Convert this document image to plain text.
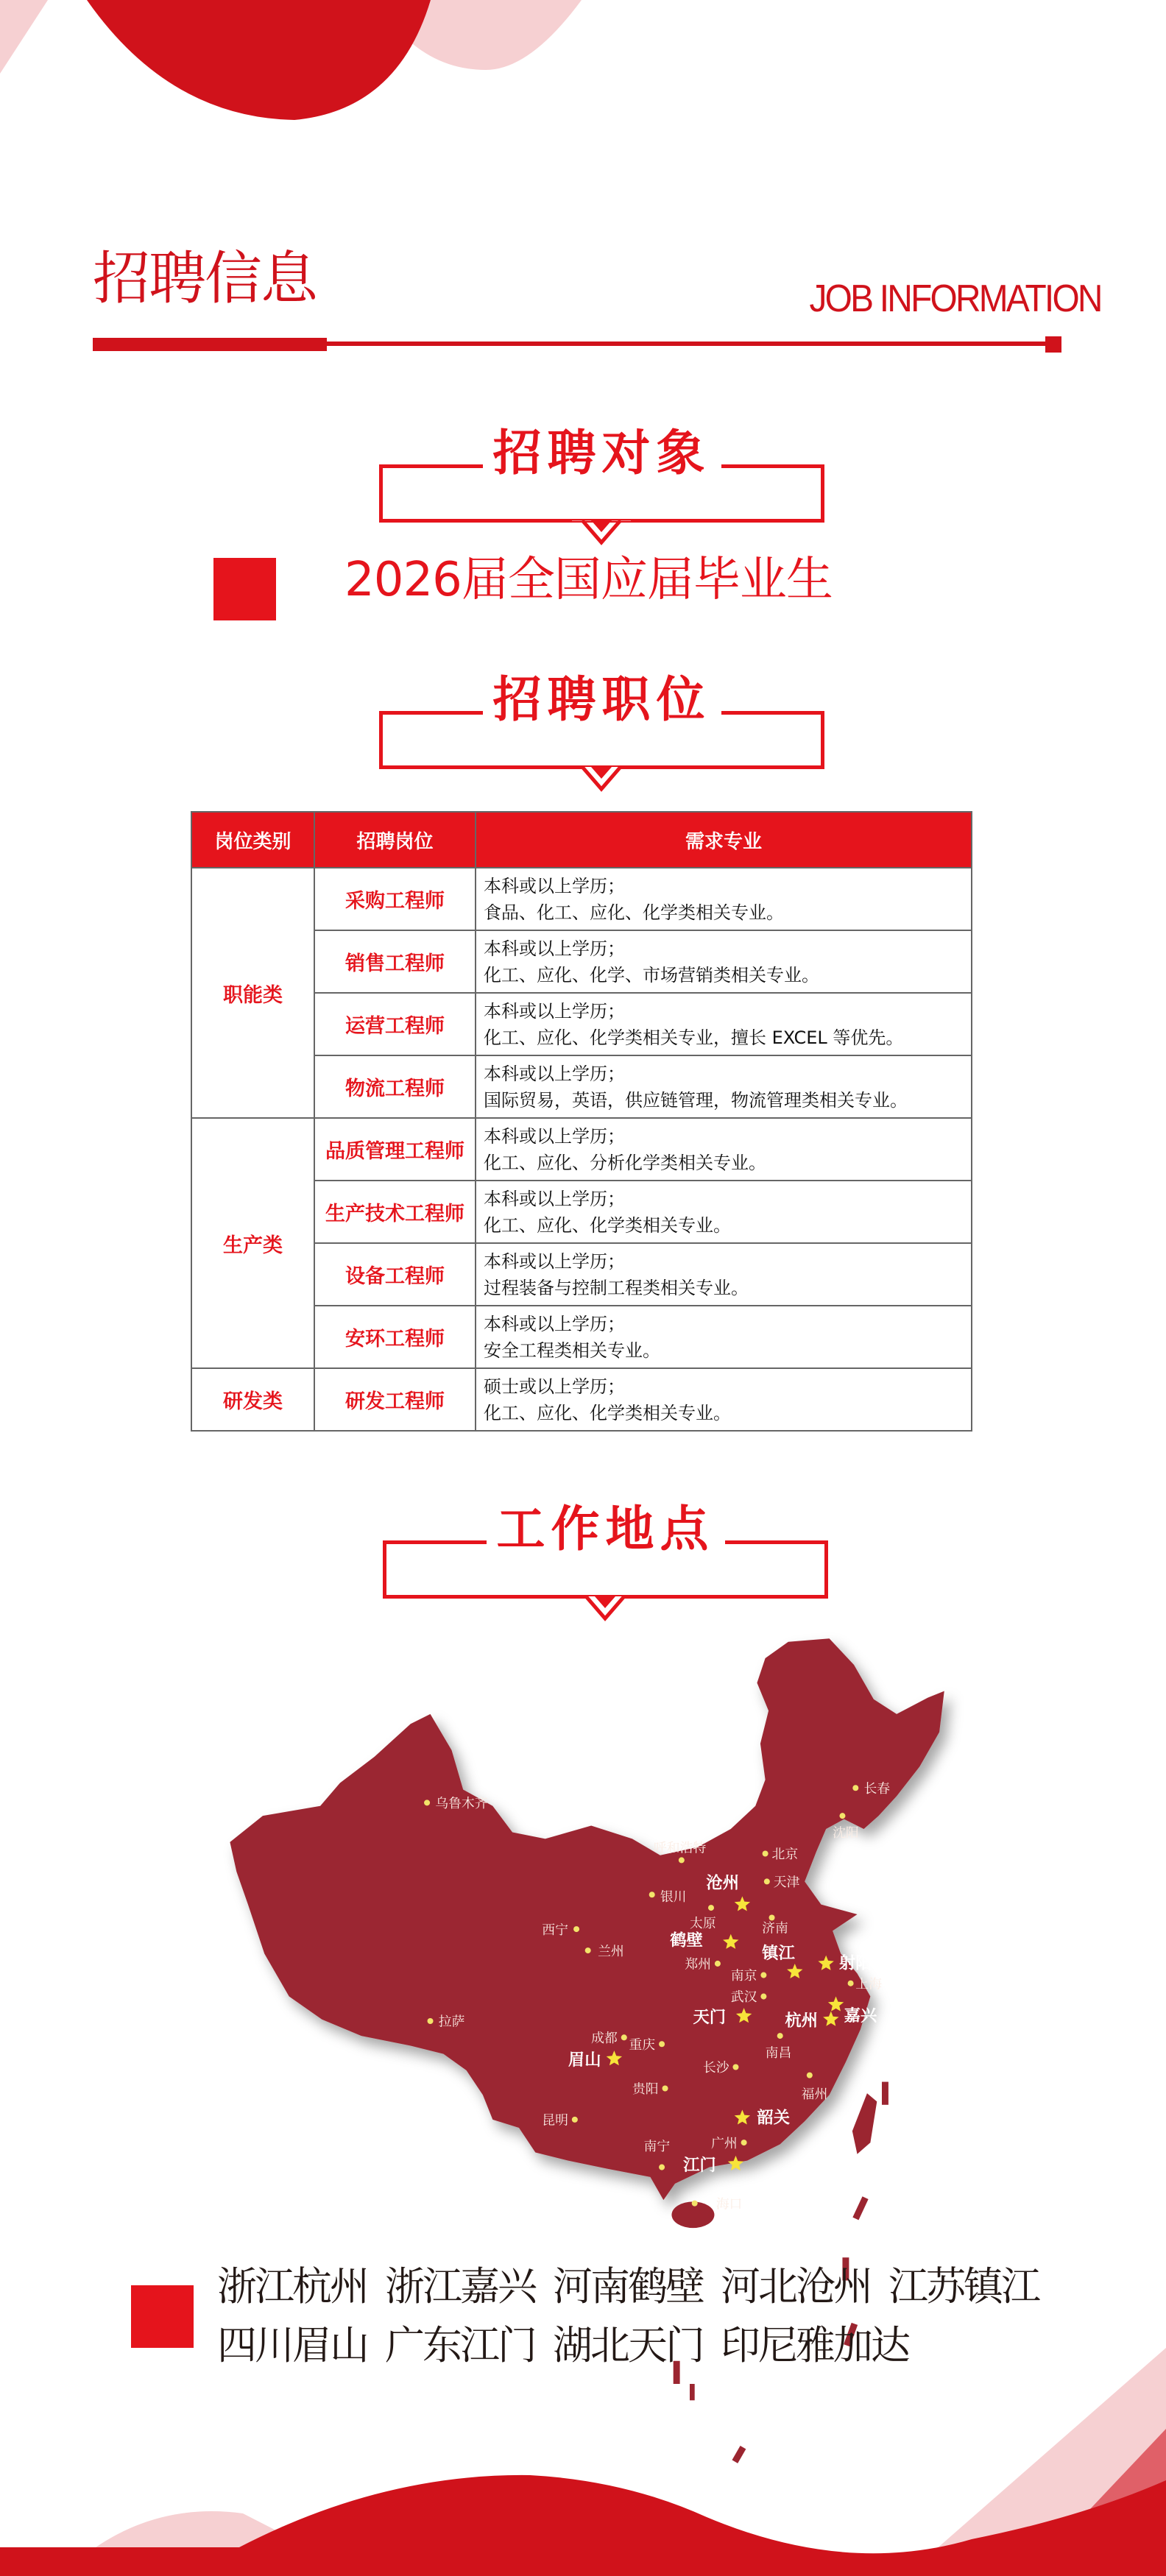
招聘信息	JOB INFORMATION
招聘对象
2026届全国应届毕业生
招聘职位
岗位类别	招聘岗位	需求专业
职能类	采购工程师	本科或以上学历；
食品、化工、应化、化学类相关专业。

	销售工程师	本科或以上学历；
化工、应化、化学、市场营销类相关专业。

	运营工程师	本科或以上学历；
化工、应化、化学类相关专业，擅长 EXCEL 等优先。

	物流工程师	本科或以上学历；
国际贸易，英语，供应链管理，物流管理类相关专业。

生产类	品质管理工程师	本科或以上学历；
化工、应化、分析化学类相关专业。

	生产技术工程师	本科或以上学历；
化工、应化、化学类相关专业。

	设备工程师	本科或以上学历；
过程装备与控制工程类相关专业。

	安环工程师	本科或以上学历；
安全工程类相关专业。

研发类	研发工程师	硕士或以上学历；
化工、应化、化学类相关专业。
工作地点
乌鲁木齐
长春
沈阳
呼和浩特	北京
天津
银川
太原	济南
西宁
兰州
郑州
南京
武汉
上海
拉萨
成都 重庆
南昌
长沙
贵阳	福州
昆明
南宁	广州
海口
沧州
鹤壁
镇江
射阳
嘉兴
天门	杭州
眉山
韶关
江门
浙江杭州 浙江嘉兴 河南鹤壁 河北沧州 江苏镇江
四川眉山 广东江门 湖北天门 印尼雅加达
